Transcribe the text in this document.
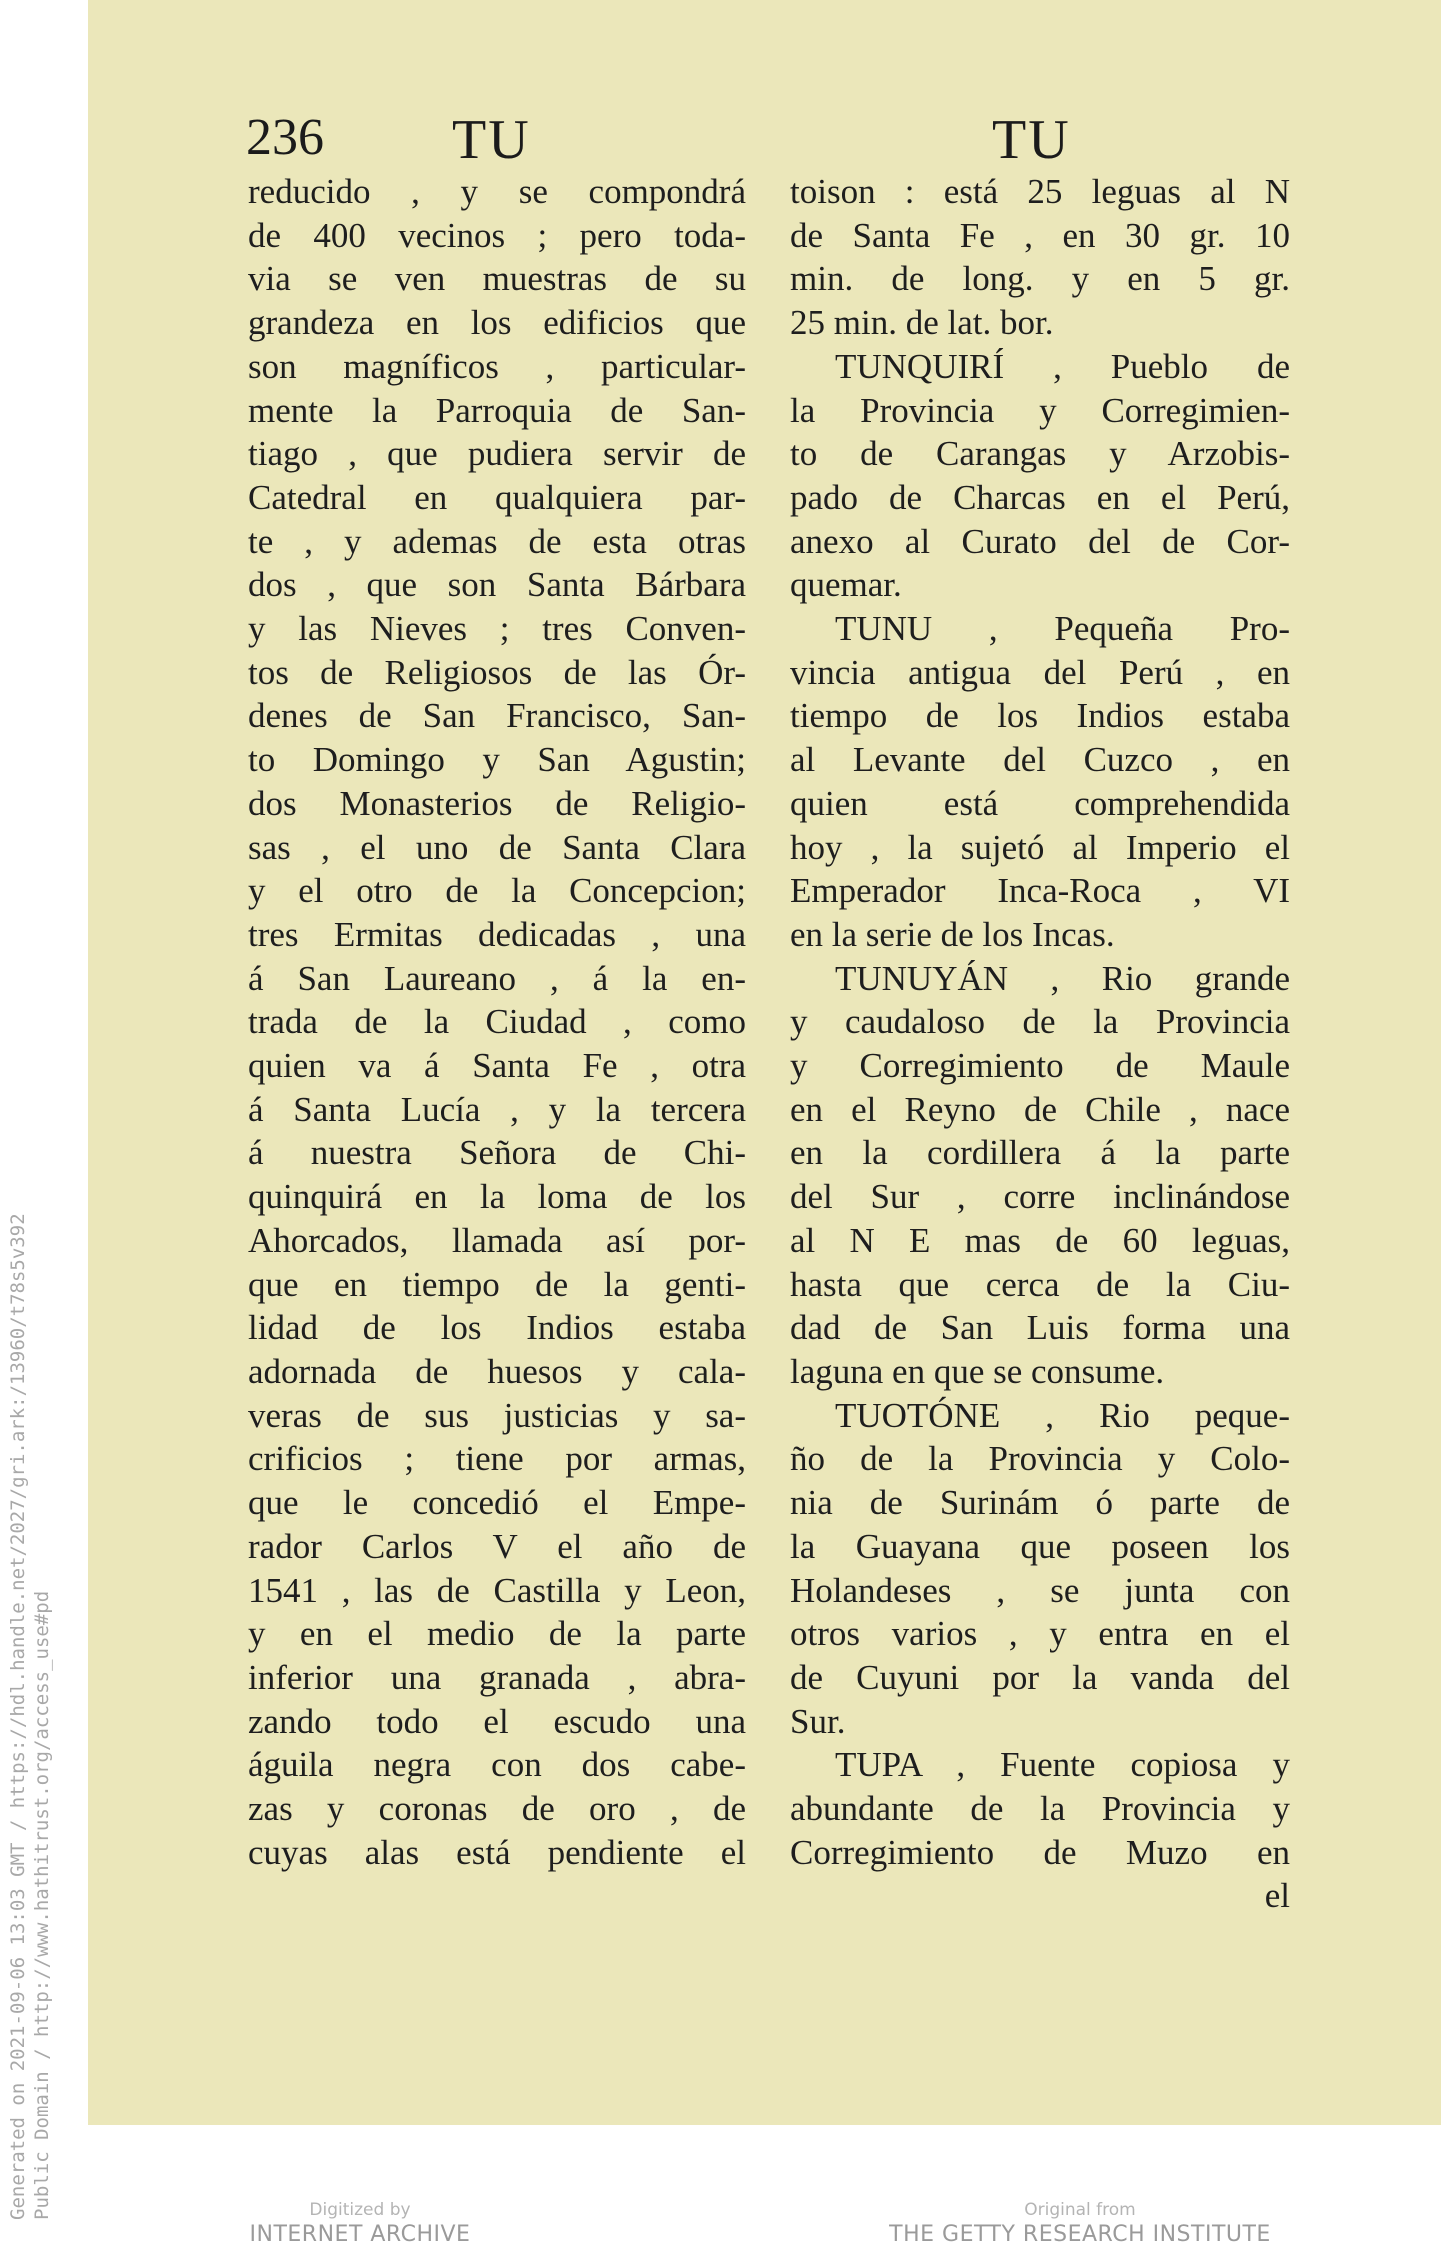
Generated on 2021-09-06 13:03 GMT / https://hdl.handle.net/2027/gri.ark:/13960/t78s5v392 Public Domain / http://www.hathitrust.org/access_use#pd
236 TU	TU
reducido , y se compondrá
de 400 vecinos ; pero toda-
via se ven muestras de su
grandeza en los edificios que
son magníficos , particular-
mente la Parroquia de San-
tiago , que pudiera servir de
Catedral en qualquiera par-
te , y ademas de esta otras
dos , que son Santa Bárbara
y las Nieves ; tres Conven-
tos de Religiosos de las Ór-
denes de San Francisco, San-
to Domingo y San Agustin;
dos Monasterios de Religio-
sas , el uno de Santa Clara
y el otro de la Concepcion;
tres Ermitas dedicadas , una
á San Laureano , á la en-
trada de la Ciudad , como
quien va á Santa Fe , otra
á Santa Lucía , y la tercera
á nuestra Señora de Chi-
quinquirá en la loma de los
Ahorcados, llamada así por-
que en tiempo de la genti-
lidad de los Indios estaba
adornada de huesos y cala-
veras de sus justicias y sa-
crificios ; tiene por armas,
que le concedió el Empe-
rador Carlos V el año de
1541 , las de Castilla y Leon,
y en el medio de la parte
inferior una granada , abra-
zando todo el escudo una
águila negra con dos cabe-
zas y coronas de oro , de
cuyas alas está pendiente el
toison : está 25 leguas al N
de Santa Fe , en 30 gr. 10
min. de long. y en 5 gr.
25 min. de lat. bor.
TUNQUIRÍ , Pueblo de
la Provincia y Corregimien-
to de Carangas y Arzobis-
pado de Charcas en el Perú,
anexo al Curato del de Cor-
quemar.
TUNU , Pequeña Pro-
vincia antigua del Perú , en
tiempo de los Indios estaba
al Levante del Cuzco , en
quien está comprehendida
hoy , la sujetó al Imperio el
Emperador Inca-Roca , VI
en la serie de los Incas.
TUNUYÁN , Rio grande
y caudaloso de la Provincia
y Corregimiento de Maule
en el Reyno de Chile , nace
en la cordillera á la parte
del Sur , corre inclinándose
al N E mas de 60 leguas,
hasta que cerca de la Ciu-
dad de San Luis forma una
laguna en que se consume.
TUOTÓNE , Rio peque-
ño de la Provincia y Colo-
nia de Surinám ó parte de
la Guayana que poseen los
Holandeses , se junta con
otros varios , y entra en el
de Cuyuni por la vanda del
Sur.
TUPA , Fuente copiosa y
abundante de la Provincia y
Corregimiento de Muzo en
el
Digitized by
INTERNET ARCHIVE
Original from
THE GETTY RESEARCH INSTITUTE
